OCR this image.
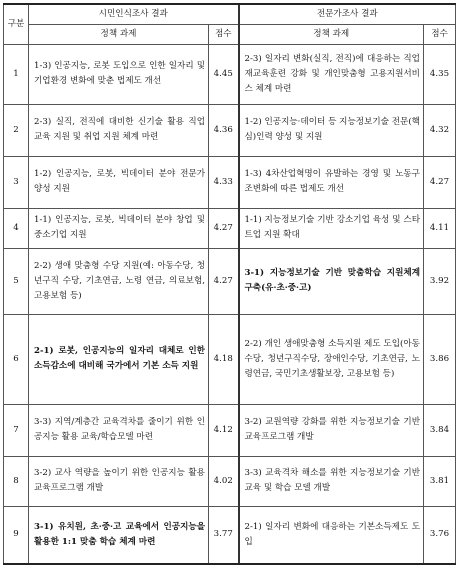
구분	시민인식조사 결과		전문가조사 결과	
	정책 과제	점수	정책 과제	점수
1	1-3) 인공지능, 로봇 도입으로 인한 일자리 및 기업환경 변화에 맞춘 법제도 개선	4.45	2-3) 일자리 변화(실직, 전직)에 대응하는 직업재교육훈련 강화 및 개인맞춤형 고용지원서비스 체계 마련	4.35
2	2-3) 실직, 전직에 대비한 신기술 활용 직업 교육 지원 및 취업 지원 체계 마련	4.36	1-2) 인공지능·데이터 등 지능정보기술 전문(핵심)인력 양성 및 지원	4.32
3	1-2) 인공지능, 로봇, 빅데이터 분야 전문가 양성 지원	4.33	1-3) 4차산업혁명이 유발하는 경영 및 노동구조변화에 따른 법제도 개선	4.27
4	1-1) 인공지능, 로봇, 빅데이터 분야 창업 및 중소기업 지원	4.27	1-1) 지능정보기술 기반 강소기업 육성 및 스타트업 지원 확대	4.11
5	2-2) 생애 맞춤형 수당 지원(예: 아동수당, 청년구직 수당, 기초연금, 노령 연금, 의료보험, 고용보험 등)	4.27	3-1) 지능정보기술 기반 맞춤학습 지원체계 구축(유·초·중·고)	3.92
6	2-1) 로봇, 인공지능의 일자리 대체로 인한 소득감소에 대비해 국가에서 기본 소득 지원	4.18	2-2) 개인 생애맞춤형 소득지원 제도 도입(아동수당, 청년구직수당, 장애인수당, 기초연금, 노령연금, 국민기초생활보장, 고용보험 등)	3.86
7	3-3) 지역/계층간 교육격차를 줄이기 위한 인공지능 활용 교육/학습모델 마련	4.12	3-2) 교원역량 강화를 위한 지능정보기술 기반 교육프로그램 개발	3.84
8	3-2) 교사 역량을 높이기 위한 인공지능 활용 교육프로그램 개발	4.02	3-3) 교육격차 해소를 위한 지능정보기술 기반 교육 및 학습 모델 개발	3.81
9	3-1) 유치원, 초·중·고 교육에서 인공지능을 활용한 1:1 맞춤 학습 체계 마련	3.77	2-1) 일자리 변화에 대응하는 기본소득제도 도입	3.76
